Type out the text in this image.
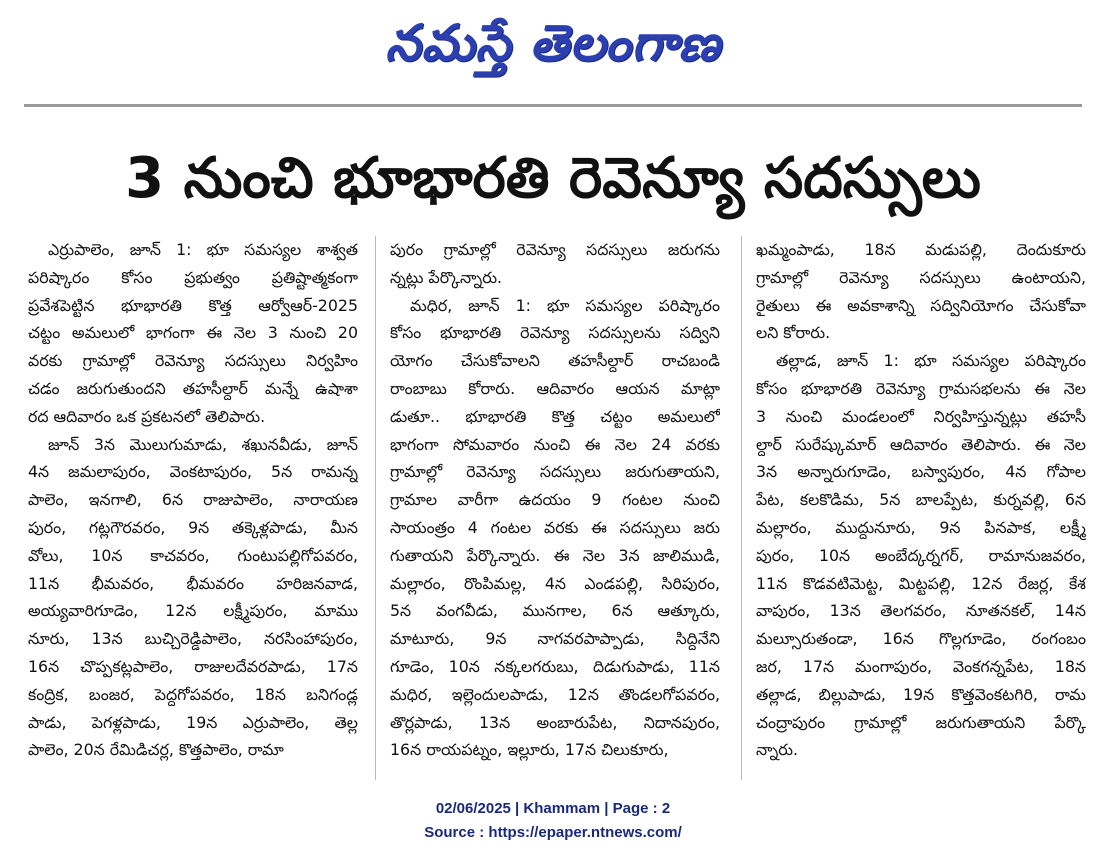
నమస్తే తెలంగాణ
3 నుంచి భూభారతి రెవెన్యూ సదస్సులు
ఎర్రుపాలెం, జూన్ 1: భూ సమస్యల శాశ్వత
పరిష్కారం కోసం ప్రభుత్వం ప్రతిష్టాత్మకంగా
ప్రవేశపెట్టిన భూభారతి కొత్త ఆర్వోఆర్-2025
చట్టం అమలులో భాగంగా ఈ నెల 3 నుంచి 20
వరకు గ్రామాల్లో రెవెన్యూ సదస్సులు నిర్వహిం
చడం జరుగుతుందని తహసీల్దార్ మన్నే ఉషాశా
రద ఆదివారం ఒక ప్రకటనలో తెలిపారు.
జూన్ 3న మొలుగుమాడు, శఖునవీడు, జూన్
4న జమలాపురం, వెంకటాపురం, 5న రామన్న
పాలెం, ఇనగాలి, 6న రాజుపాలెం, నారాయణ
పురం, గట్లగౌరవరం, 9న తక్కెళ్లపాడు, మీన
వోలు, 10న కాచవరం, గుంటుపల్లిగోపవరం,
11న భీమవరం, భీమవరం హరిజనవాడ,
అయ్యవారిగూడెం, 12న లక్ష్మీపురం, మాము
నూరు, 13న బుచ్చిరెడ్డిపాలెం, నరసింహాపురం,
16న చొప్పకట్లపాలెం, రాజులదేవరపాడు, 17న
కంద్రిక, బంజర, పెద్దగోపవరం, 18న బనిగండ్ల
పాడు, పెగళ్లపాడు, 19న ఎర్రుపాలెం, తెల్ల
పాలెం, 20న రేమిడిచర్ల, కొత్తపాలెం, రామా
పురం గ్రామాల్లో రెవెన్యూ సదస్సులు జరుగను
న్నట్లు పేర్కొన్నారు.
మధిర, జూన్ 1: భూ సమస్యల పరిష్కారం
కోసం భూభారతి రెవెన్యూ సదస్సులను సద్విని
యోగం చేసుకోవాలని తహసీల్దార్ రాచబండి
రాంబాబు కోరారు. ఆదివారం ఆయన మాట్లా
డుతూ.. భూభారతి కొత్త చట్టం అమలులో
భాగంగా సోమవారం నుంచి ఈ నెల 24 వరకు
గ్రామాల్లో రెవెన్యూ సదస్సులు జరుగుతాయని,
గ్రామాల వారీగా ఉదయం 9 గంటల నుంచి
సాయంత్రం 4 గంటల వరకు ఈ సదస్సులు జరు
గుతాయని పేర్కొన్నారు. ఈ నెల 3న జాలిముడి,
మల్లారం, రొంపిమల్ల, 4న ఎండపల్లి, సిరిపురం,
5న వంగవీడు, మునగాల, 6న ఆత్కూరు,
మాటూరు, 9న నాగవరపాప్పాడు, సిద్దినేని
గూడెం, 10న నక్కలగరుబు, దిడుగుపాడు, 11న
మధిర, ఇల్లెందులపాడు, 12న తొండలగోపవరం,
తొర్లపాడు, 13న అంబారుపేట, నిదానపురం,
16న రాయపట్నం, ఇల్లూరు, 17న చిలుకూరు,
ఖమ్మంపాడు, 18న మడుపల్లి, దెందుకూరు
గ్రామాల్లో రెవెన్యూ సదస్సులు ఉంటాయని,
రైతులు ఈ అవకాశాన్ని సద్వినియోగం చేసుకోవా
లని కోరారు.
తల్లాడ, జూన్ 1: భూ సమస్యల పరిష్కారం
కోసం భూభారతి రెవెన్యూ గ్రామసభలను ఈ నెల
3 నుంచి మండలంలో నిర్వహిస్తున్నట్లు తహసీ
ల్దార్ సురేష్కుమార్ ఆదివారం తెలిపారు. ఈ నెల
3న అన్నారుగూడెం, బస్వాపురం, 4న గోపాల
పేట, కలకొడిమ, 5న బాలప్పేట, కుర్నవల్లి, 6న
మల్లారం, ముద్దునూరు, 9న పినపాక, లక్ష్మీ
పురం, 10న అంబేద్కర్నగర్, రామానుజవరం,
11న కొడవటిమెట్ట, మిట్టపల్లి, 12న రేజర్ల, కేశ
వాపురం, 13న తెలగవరం, నూతనకల్, 14న
మల్సూరుతండా, 16న గొల్లగూడెం, రంగంబం
జర, 17న మంగాపురం, వెంకగన్నపేట, 18న
తల్లాడ, బిల్లుపాడు, 19న కొత్తవెంకటగిరి, రామ
చంద్రాపురం గ్రామాల్లో జరుగుతాయని పేర్కొ
న్నారు.
02/06/2025 | Khammam | Page : 2
Source : https://epaper.ntnews.com/
